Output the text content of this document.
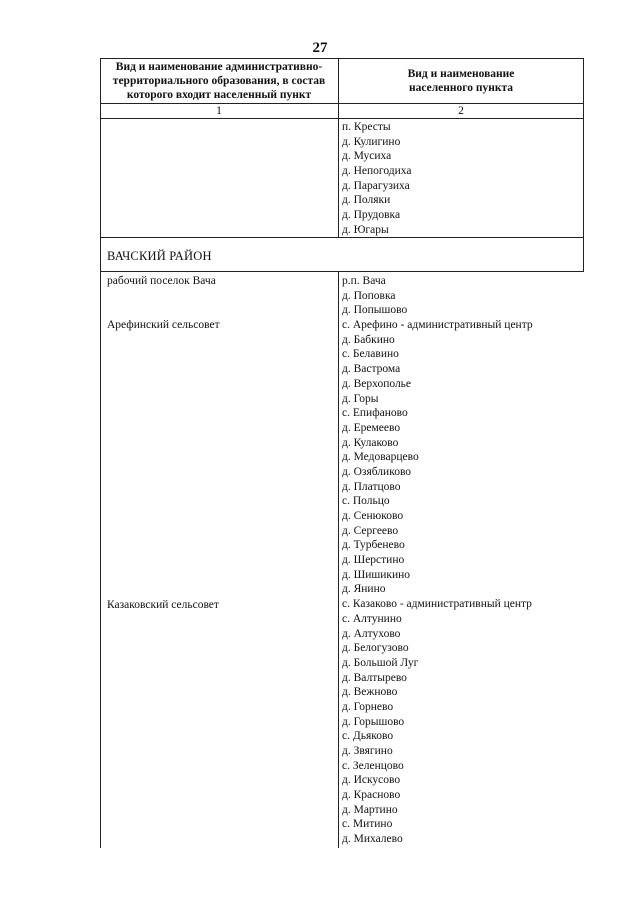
27
Вид и наименование административно-
территориального образования, в состав
которого входит населенный пункт
Вид и наименование
населенного пункта
1	2
п. Кресты
д. Кулигино
д. Мусиха
д. Непогодиха
д. Парагузиха
д. Поляки
д. Прудовка
д. Югары
ВАЧСКИЙ РАЙОН
рабочий поселок Вача
Арефинский сельсовет
Казаковский сельсовет
р.п. Вача
д. Поповка
д. Попышово
с. Арефино - административный центр
д. Бабкино
с. Белавино
д. Вастрома
д. Верхополье
д. Горы
с. Епифаново
д. Еремеево
д. Кулаково
д. Медоварцево
д. Озябликово
д. Платцово
с. Польцо
д. Сенюково
д. Сергеево
д. Турбенево
д. Шерстино
д. Шишикино
д. Янино
с. Казаково - административный центр
с. Алтунино
д. Алтухово
д. Белогузово
д. Большой Луг
д. Валтырево
д. Вежново
д. Горнево
д. Горышово
с. Дьяково
д. Звягино
с. Зеленцово
д. Искусово
д. Красново
д. Мартино
с. Митино
д. Михалево
